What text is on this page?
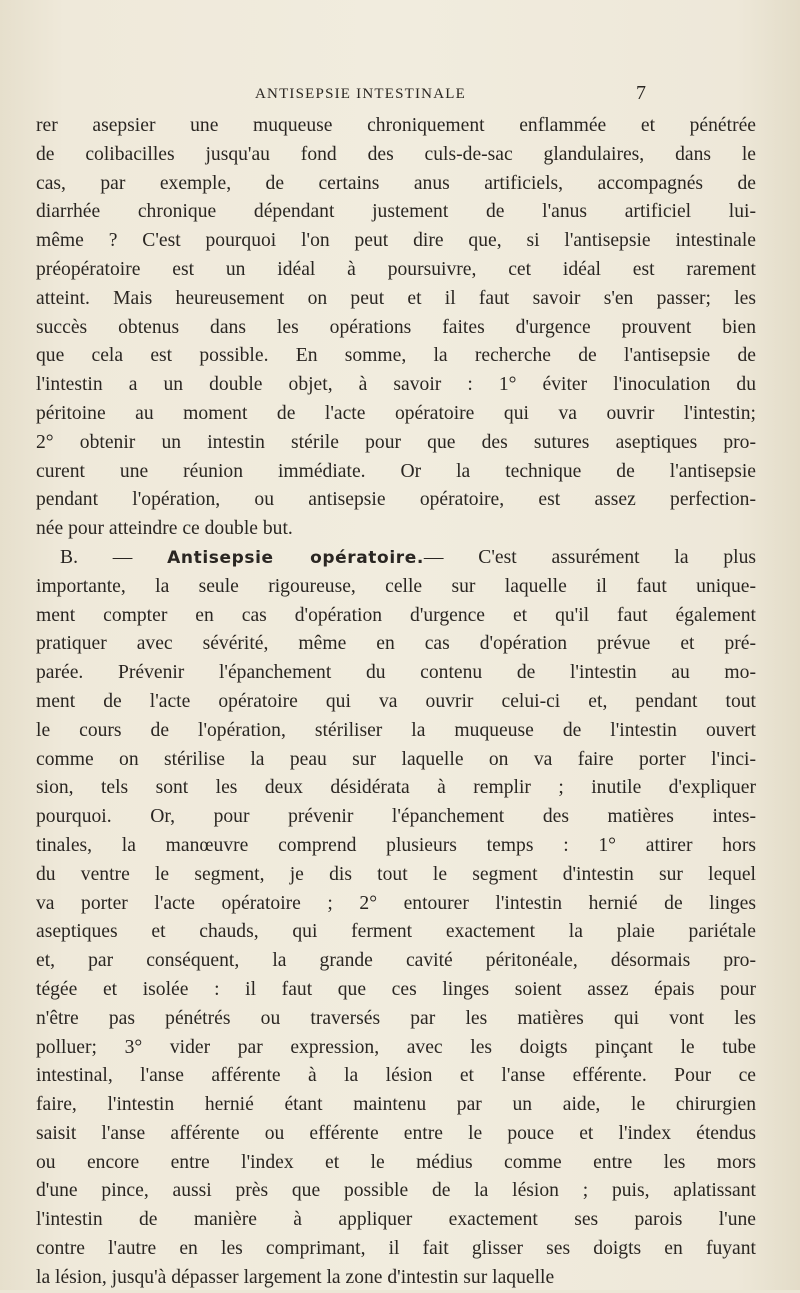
ANTISEPSIE INTESTINALE	7
rer asepsier une muqueuse chroniquement enflammée et pénétrée
de colibacilles jusqu'au fond des culs-de-sac glandulaires, dans le
cas, par exemple, de certains anus artificiels, accompagnés de
diarrhée chronique dépendant justement de l'anus artificiel lui-
même ? C'est pourquoi l'on peut dire que, si l'antisepsie intestinale
préopératoire est un idéal à poursuivre, cet idéal est rarement
atteint. Mais heureusement on peut et il faut savoir s'en passer; les
succès obtenus dans les opérations faites d'urgence prouvent bien
que cela est possible. En somme, la recherche de l'antisepsie de
l'intestin a un double objet, à savoir : 1° éviter l'inoculation du
péritoine au moment de l'acte opératoire qui va ouvrir l'intestin;
2° obtenir un intestin stérile pour que des sutures aseptiques pro-
curent une réunion immédiate. Or la technique de l'antisepsie
pendant l'opération, ou antisepsie opératoire, est assez perfection-
née pour atteindre ce double but.
B. — Antisepsie opératoire.— C'est assurément la plus
importante, la seule rigoureuse, celle sur laquelle il faut unique-
ment compter en cas d'opération d'urgence et qu'il faut également
pratiquer avec sévérité, même en cas d'opération prévue et pré-
parée. Prévenir l'épanchement du contenu de l'intestin au mo-
ment de l'acte opératoire qui va ouvrir celui-ci et, pendant tout
le cours de l'opération, stériliser la muqueuse de l'intestin ouvert
comme on stérilise la peau sur laquelle on va faire porter l'inci-
sion, tels sont les deux désidérata à remplir ; inutile d'expliquer
pourquoi. Or, pour prévenir l'épanchement des matières intes-
tinales, la manœuvre comprend plusieurs temps : 1° attirer hors
du ventre le segment, je dis tout le segment d'intestin sur lequel
va porter l'acte opératoire ; 2° entourer l'intestin hernié de linges
aseptiques et chauds, qui ferment exactement la plaie pariétale
et, par conséquent, la grande cavité péritonéale, désormais pro-
tégée et isolée : il faut que ces linges soient assez épais pour
n'être pas pénétrés ou traversés par les matières qui vont les
polluer; 3° vider par expression, avec les doigts pinçant le tube
intestinal, l'anse afférente à la lésion et l'anse efférente. Pour ce
faire, l'intestin hernié étant maintenu par un aide, le chirurgien
saisit l'anse afférente ou efférente entre le pouce et l'index étendus
ou encore entre l'index et le médius comme entre les mors
d'une pince, aussi près que possible de la lésion ; puis, aplatissant
l'intestin de manière à appliquer exactement ses parois l'une
contre l'autre en les comprimant, il fait glisser ses doigts en fuyant
la lésion, jusqu'à dépasser largement la zone d'intestin sur laquelle
